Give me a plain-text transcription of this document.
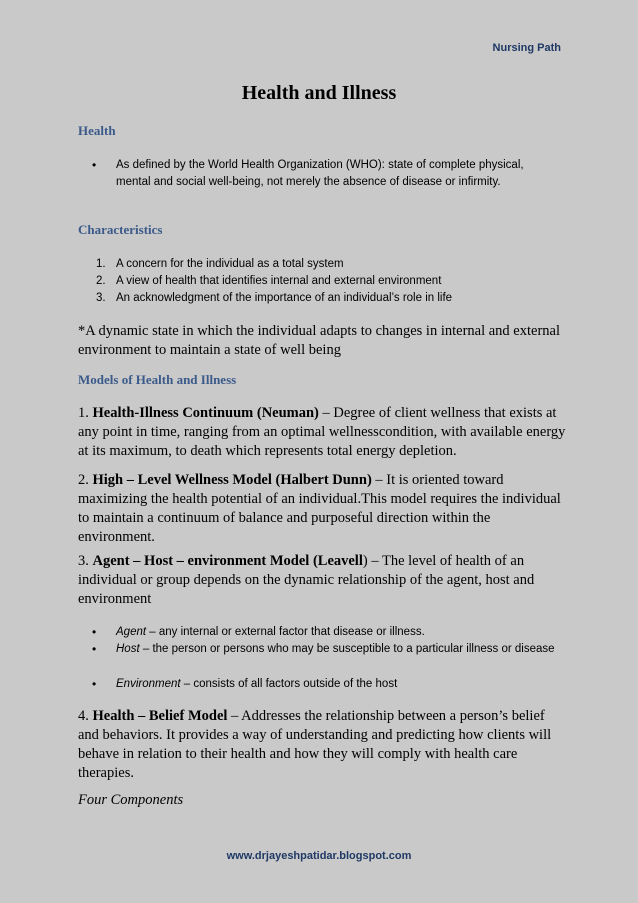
Nursing Path
Health and Illness
Health
• As defined by the World Health Organization (WHO): state of complete physical, mental and social well-being, not merely the absence of disease or infirmity.
Characteristics
1. A concern for the individual as a total system
2. A view of health that identifies internal and external environment
3. An acknowledgment of the importance of an individual’s role in life
*A dynamic state in which the individual adapts to changes in internal and external environment to maintain a state of well being
Models of Health and Illness
1. Health-Illness Continuum (Neuman) – Degree of client wellness that exists at any point in time, ranging from an optimal wellnesscondition, with available energy at its maximum, to death which represents total energy depletion.
2. High – Level Wellness Model (Halbert Dunn) – It is oriented toward maximizing the health potential of an individual.This model requires the individual to maintain a continuum of balance and purposeful direction within the environment.
3. Agent – Host – environment Model (Leavell) – The level of health of an individual or group depends on the dynamic relationship of the agent, host and environment
• Agent – any internal or external factor that disease or illness.
• Host – the person or persons who may be susceptible to a particular illness or disease
• Environment – consists of all factors outside of the host
4. Health – Belief Model – Addresses the relationship between a person’s belief and behaviors. It provides a way of understanding and predicting how clients will behave in relation to their health and how they will comply with health care therapies.
Four Components
www.drjayeshpatidar.blogspot.com
